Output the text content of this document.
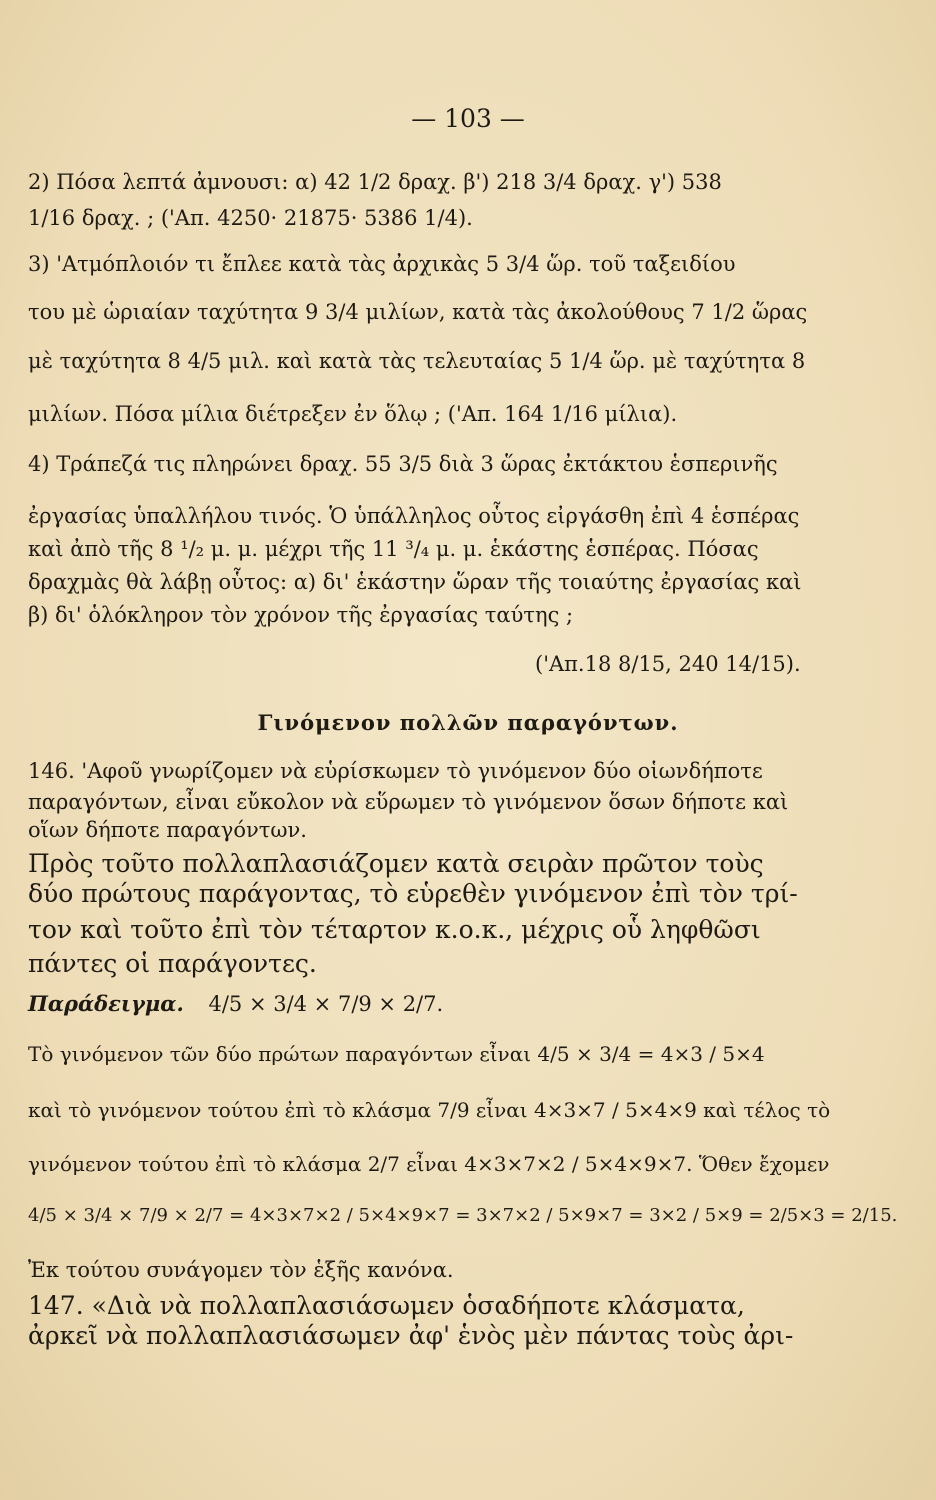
— 103 —
2) Πόσα λεπτά ἀμνουσι: α) 42 1/2 δραχ. β') 218 3/4 δραχ. γ') 538
1/16 δραχ. ; ('Απ. 4250· 21875· 5386 1/4).
3) 'Ατμόπλοιόν τι ἔπλεε κατὰ τὰς ἀρχικὰς 5 3/4 ὥρ. τοῦ ταξειδίου
του μὲ ὡριαίαν ταχύτητα 9 3/4 μιλίων, κατὰ τὰς ἀκολούθους 7 1/2 ὥρας
μὲ ταχύτητα 8 4/5 μιλ. καὶ κατὰ τὰς τελευταίας 5 1/4 ὥρ. μὲ ταχύτητα 8
μιλίων. Πόσα μίλια διέτρεξεν ἐν ὅλῳ ; ('Απ. 164 1/16 μίλια).
4) Τράπεζά τις πληρώνει δραχ. 55 3/5 διὰ 3 ὥρας ἐκτάκτου ἑσπερινῆς
ἐργασίας ὑπαλλήλου τινός. Ὁ ὑπάλληλος οὗτος εἰργάσθη ἐπὶ 4 ἑσπέρας
καὶ ἀπὸ τῆς 8 ¹/₂ μ. μ. μέχρι τῆς 11 ³/₄ μ. μ. ἑκάστης ἑσπέρας. Πόσας
δραχμὰς θὰ λάβῃ οὗτος: α) δι' ἑκάστην ὥραν τῆς τοιαύτης ἐργασίας καὶ
β) δι' ὁλόκληρον τὸν χρόνον τῆς ἐργασίας ταύτης ;
('Απ.18 8/15, 240 14/15).
Γινόμενον πολλῶν παραγόντων.
146. 'Αφοῦ γνωρίζομεν νὰ εὑρίσκωμεν τὸ γινόμενον δύο οἱωνδήποτε
παραγόντων, εἶναι εὔκολον νὰ εὕρωμεν τὸ γινόμενον ὅσων δήποτε καὶ
οἵων δήποτε παραγόντων.
Πρὸς τοῦτο πολλαπλασιάζομεν κατὰ σειρὰν πρῶτον τοὺς
δύο πρώτους παράγοντας, τὸ εὑρεθὲν γινόμενον ἐπὶ τὸν τρί-
τον καὶ τοῦτο ἐπὶ τὸν τέταρτον κ.ο.κ., μέχρις οὗ ληφθῶσι
πάντες οἱ παράγοντες.
Παράδειγμα. 4/5 × 3/4 × 7/9 × 2/7.
Τὸ γινόμενον τῶν δύο πρώτων παραγόντων εἶναι 4/5 × 3/4 = 4×3 / 5×4
καὶ τὸ γινόμενον τούτου ἐπὶ τὸ κλάσμα 7/9 εἶναι 4×3×7 / 5×4×9 καὶ τέλος τὸ
γινόμενον τούτου ἐπὶ τὸ κλάσμα 2/7 εἶναι 4×3×7×2 / 5×4×9×7. Ὅθεν ἔχομεν
4/5 × 3/4 × 7/9 × 2/7 = 4×3×7×2 / 5×4×9×7 = 3×7×2 / 5×9×7 = 3×2 / 5×9 = 2/5×3 = 2/15.
Ἐκ τούτου συνάγομεν τὸν ἑξῆς κανόνα.
147. «Διὰ νὰ πολλαπλασιάσωμεν ὁσαδήποτε κλάσματα,
ἀρκεῖ νὰ πολλαπλασιάσωμεν ἀφ' ἑνὸς μὲν πάντας τοὺς ἀρι-
